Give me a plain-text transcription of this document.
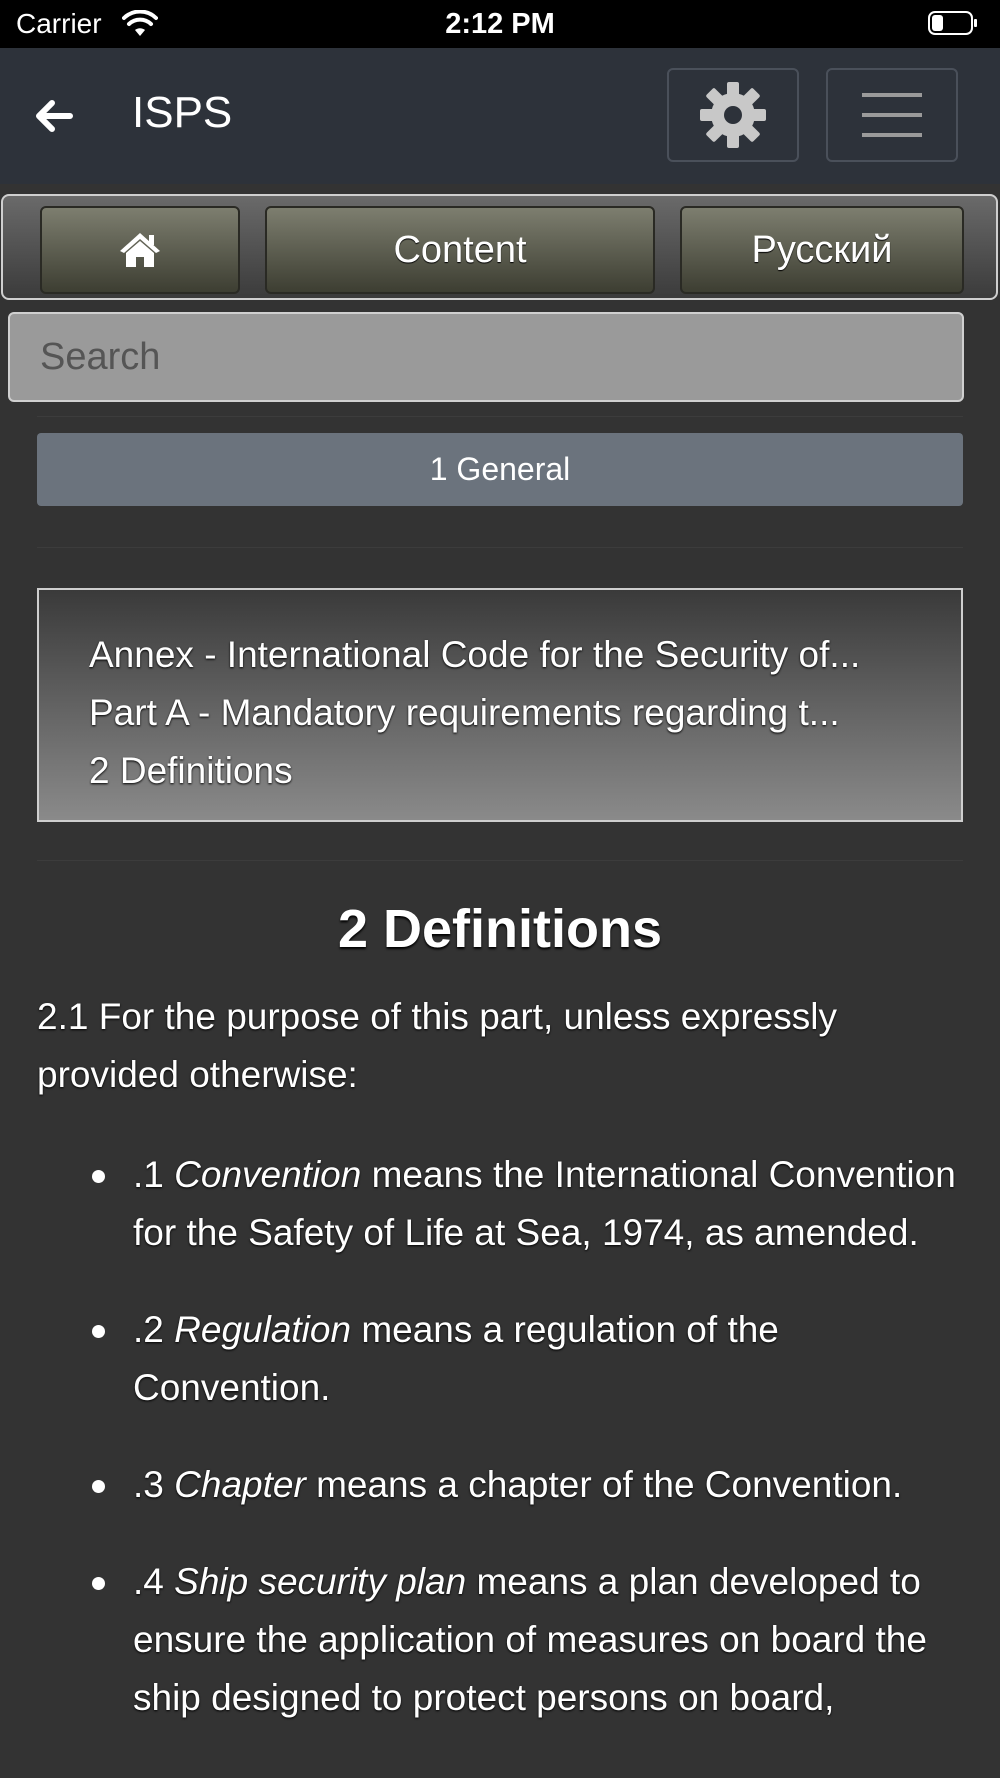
Carrier	2:12 PM
ISPS
Content	Русский
Search
1 General
Annex - International Code for the Security of...
Part A - Mandatory requirements regarding t...
2 Definitions
2 Definitions
2.1 For the purpose of this part, unless expressly provided otherwise:
.1 Convention means the International Convention for the Safety of Life at Sea, 1974, as amended.
.2 Regulation means a regulation of the Convention.
.3 Chapter means a chapter of the Convention.
.4 Ship security plan means a plan developed to ensure the application of measures on board the ship designed to protect persons on board,
